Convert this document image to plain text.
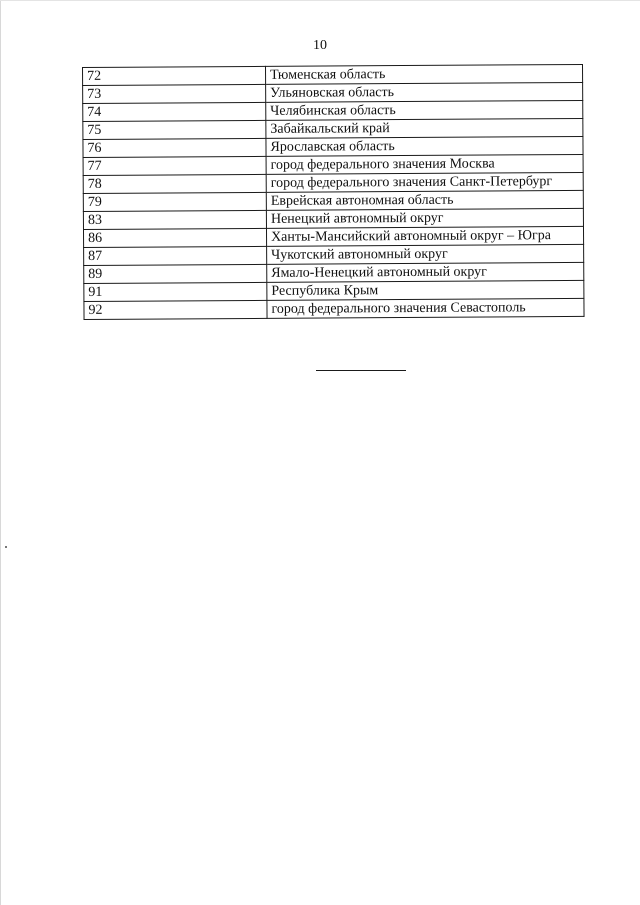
10
72	Тюменская область
73	Ульяновская область
74	Челябинская область
75	Забайкальский край
76	Ярославская область
77	город федерального значения Москва
78	город федерального значения Санкт-Петербург
79	Еврейская автономная область
83	Ненецкий автономный округ
86	Ханты-Мансийский автономный округ – Югра
87	Чукотский автономный округ
89	Ямало-Ненецкий автономный округ
91	Республика Крым
92	город федерального значения Севастополь
